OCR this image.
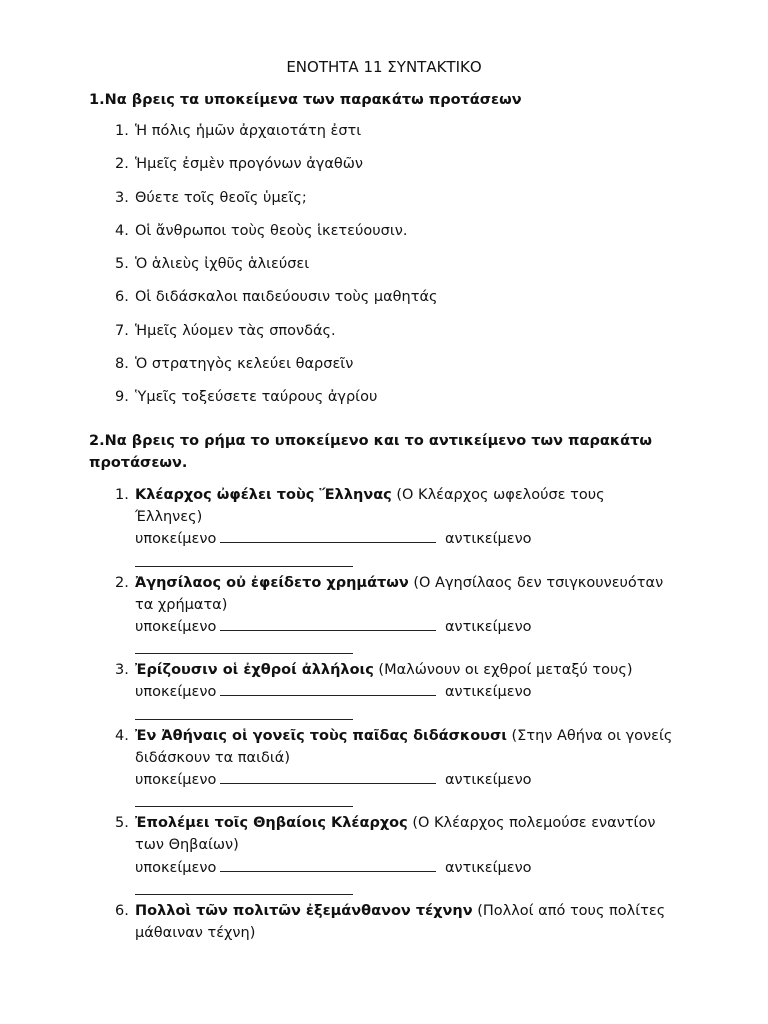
ΕΝΟΤΗΤΑ 11 ΣΥΝΤΑΚΤΙΚΟ
1.Να βρεις τα υποκείμενα των παρακάτω προτάσεων
1. Ἡ πόλις ἡμῶν ἀρχαιοτάτη ἐστι
2. Ἡμεῖς ἐσμὲν προγόνων ἀγαθῶν
3. Θύετε τοῖς θεοῖς ὑμεῖς;
4. Οἱ ἄνθρωποι τοὺς θεοὺς ἱκετεύουσιν.
5. Ὁ ἁλιεὺς ἰχθῦς ἁλιεύσει
6. Οἱ διδάσκαλοι παιδεύουσιν τοὺς μαθητάς
7. Ἡμεῖς λύομεν τὰς σπονδάς.
8. Ὁ στρατηγὸς κελεύει θαρσεῖν
9. Ὑμεῖς τοξεύσετε ταύρους ἀγρίου
2.Να βρεις το ρήμα το υποκείμενο και το αντικείμενο των παρακάτω
προτάσεων.
1. Κλέαρχος ὠφέλει τοὺς Ἕλληνας (Ο Κλέαρχος ωφελούσε τους Έλληνες)
υποκείμενο	αντικείμενο
2. Ἀγησίλαος οὐ ἐφείδετο χρημάτων (Ο Αγησίλαος δεν τσιγκουνευόταν τα χρήματα)
υποκείμενο	αντικείμενο
3. Ἐρίζουσιν οἱ ἐχθροί ἀλλήλοις (Μαλώνουν οι εχθροί μεταξύ τους)
υποκείμενο	αντικείμενο
4. Ἐν Ἀθήναις οἱ γονεῖς τοὺς παῖδας διδάσκουσι (Στην Αθήνα οι γονείς διδάσκουν τα παιδιά)
υποκείμενο	αντικείμενο
5. Ἐπολέμει τοῖς Θηβαίοις Κλέαρχος (Ο Κλέαρχος πολεμούσε εναντίον των Θηβαίων)
υποκείμενο	αντικείμενο
6. Πολλοὶ τῶν πολιτῶν ἐξεμάνθανον τέχνην (Πολλοί από τους πολίτες μάθαιναν τέχνη)
